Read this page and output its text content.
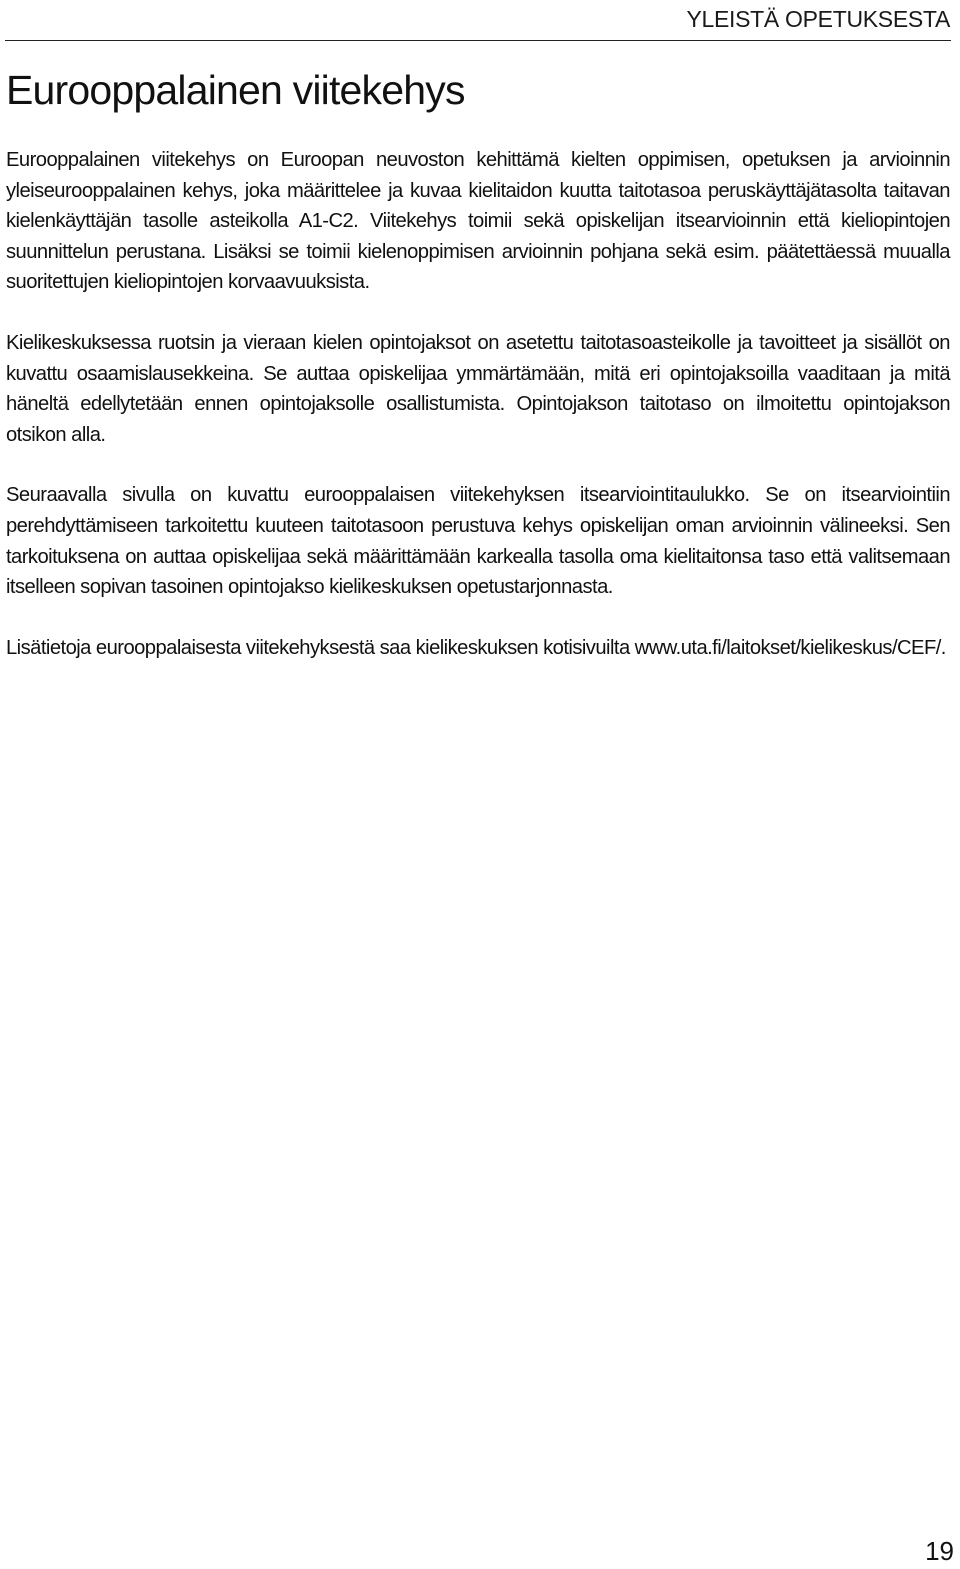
YLEISTÄ OPETUKSESTA
Eurooppalainen viitekehys

Eurooppalainen viitekehys on Euroopan neuvoston kehittämä kielten oppimisen, opetuksen ja arvioinnin yleiseurooppalainen kehys, joka määrittelee ja kuvaa kielitaidon kuutta taitotasoa peruskäyttäjätasolta taitavan kielenkäyttäjän tasolle asteikolla A1-C2. Viitekehys toimii sekä opiskelijan itsearvioinnin että kieliopintojen suunnittelun perustana. Lisäksi se toimii kielenoppimisen arvioinnin pohjana sekä esim. päätettäessä muualla suoritettujen kieliopintojen korvaavuuksista.

Kielikeskuksessa ruotsin ja vieraan kielen opintojaksot on asetettu taitotasoasteikolle ja tavoitteet ja sisällöt on kuvattu osaamislausekkeina. Se auttaa opiskelijaa ymmärtämään, mitä eri opintojaksoilla vaaditaan ja mitä häneltä edellytetään ennen opintojaksolle osallistumista. Opintojakson taitotaso on ilmoitettu opintojakson otsikon alla.

Seuraavalla sivulla on kuvattu eurooppalaisen viitekehyksen itsearviointitaulukko. Se on itsearviointiin perehdyttämiseen tarkoitettu kuuteen taitotasoon perustuva kehys opiskelijan oman arvioinnin välineeksi. Sen tarkoituksena on auttaa opiskelijaa sekä määrittämään karkealla tasolla oma kielitaitonsa taso että valitsemaan itselleen sopivan tasoinen opintojakso kielikeskuksen opetustarjonnasta.

Lisätietoja eurooppalaisesta viitekehyksestä saa kielikeskuksen kotisivuilta www.uta.fi/laitokset/kielikeskus/CEF/.

19
